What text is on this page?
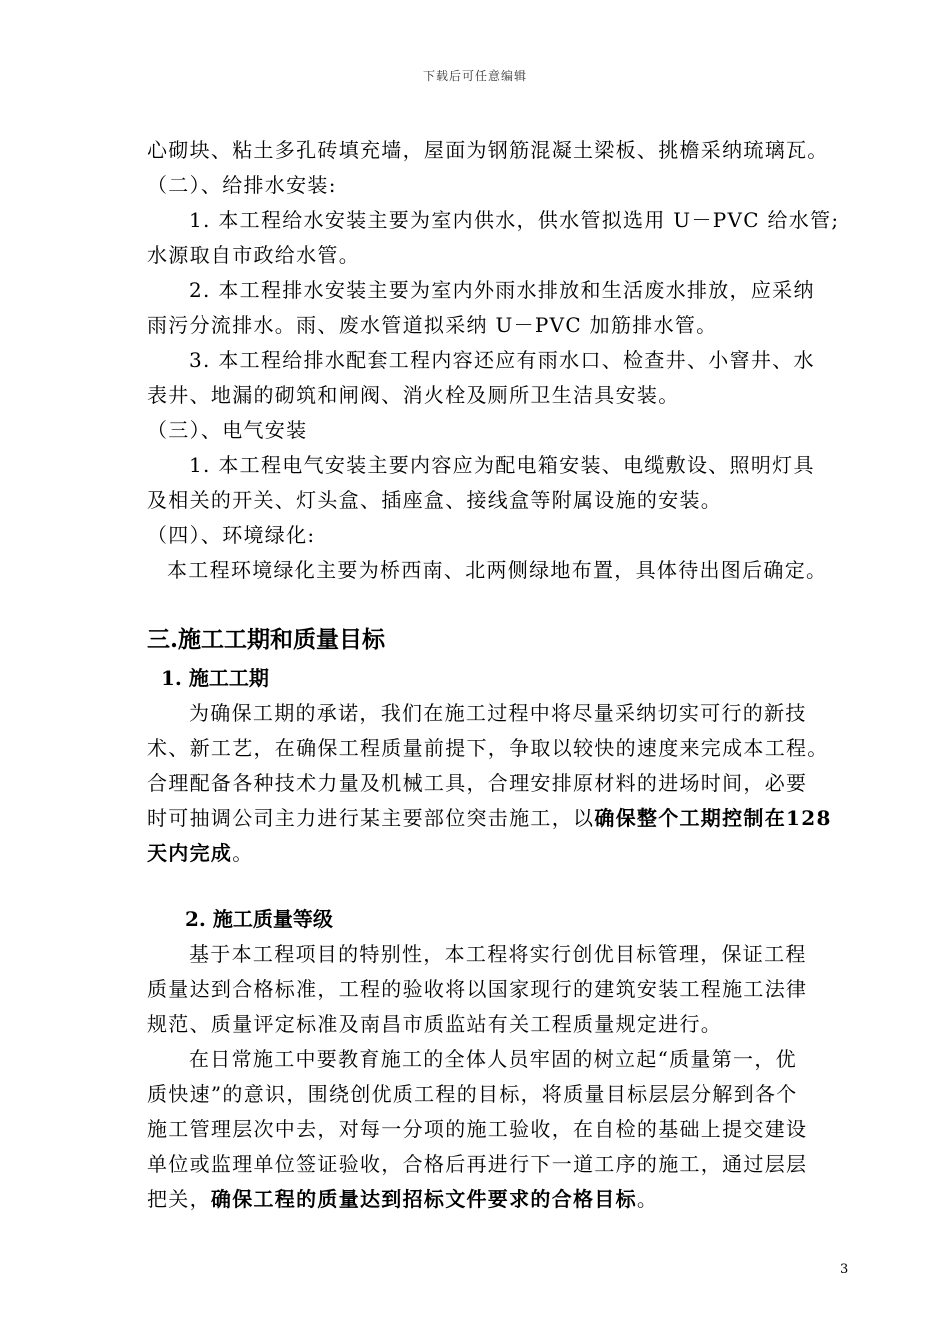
下载后可任意编辑
心砌块、粘土多孔砖填充墙，屋面为钢筋混凝土梁板、挑檐采纳琉璃瓦。
（二）、给排水安装:
1. 本工程给水安装主要为室内供水，供水管拟选用 U－PVC 给水管;
水源取自市政给水管。
2. 本工程排水安装主要为室内外雨水排放和生活废水排放，应采纳
雨污分流排水。雨、废水管道拟采纳 U－PVC 加筋排水管。
3. 本工程给排水配套工程内容还应有雨水口、检查井、小窨井、水
表井、地漏的砌筑和闸阀、消火栓及厕所卫生洁具安装。
（三）、电气安装
1. 本工程电气安装主要内容应为配电箱安装、电缆敷设、照明灯具
及相关的开关、灯头盒、插座盒、接线盒等附属设施的安装。
（四）、环境绿化:
本工程环境绿化主要为桥西南、北两侧绿地布置，具体待出图后确定。
三.施工工期和质量目标
1. 施工工期
为确保工期的承诺，我们在施工过程中将尽量采纳切实可行的新技
术、新工艺，在确保工程质量前提下，争取以较快的速度来完成本工程。
合理配备各种技术力量及机械工具，合理安排原材料的进场时间，必要
时可抽调公司主力进行某主要部位突击施工，以确保整个工期控制在128
天内完成。
2. 施工质量等级
基于本工程项目的特别性，本工程将实行创优目标管理，保证工程
质量达到合格标准，工程的验收将以国家现行的建筑安装工程施工法律
规范、质量评定标准及南昌市质监站有关工程质量规定进行。
在日常施工中要教育施工的全体人员牢固的树立起“质量第一，优
质快速”的意识，围绕创优质工程的目标，将质量目标层层分解到各个
施工管理层次中去，对每一分项的施工验收，在自检的基础上提交建设
单位或监理单位签证验收，合格后再进行下一道工序的施工，通过层层
把关，确保工程的质量达到招标文件要求的合格目标。
3
